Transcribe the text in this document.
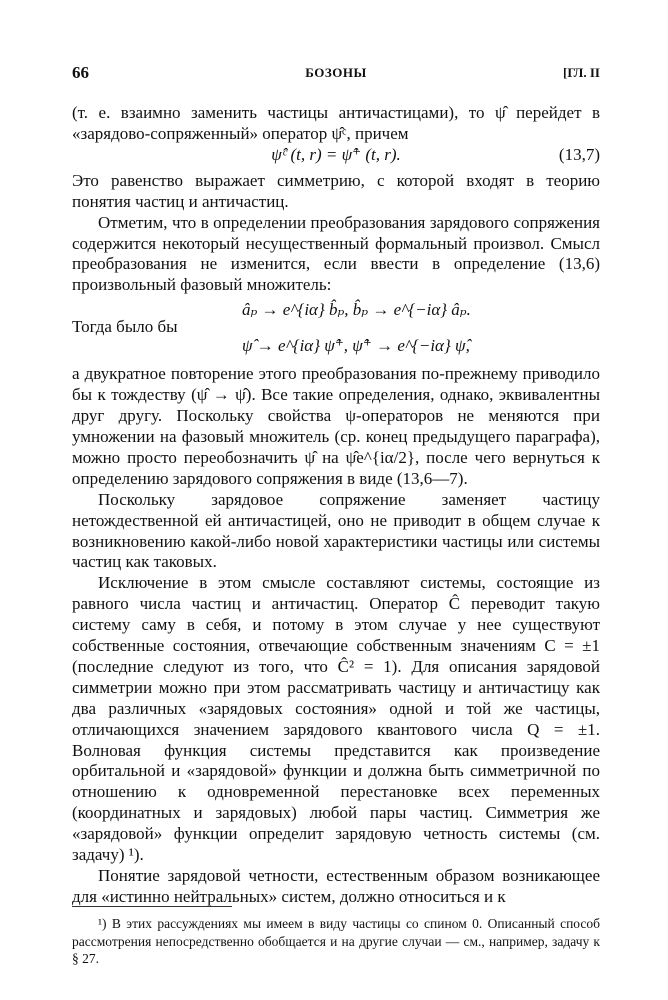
66	БОЗОНЫ	[ГЛ. II

(т. е. взаимно заменить частицы античастицами), то ψ̂ перейдет в «зарядово-сопряженный» оператор ψ̂ᶜ, причем

ψ̂ᶜ (t, r) = ψ̂⁺ (t, r).	(13,7)

Это равенство выражает симметрию, с которой входят в теорию понятия частиц и античастиц.

Отметим, что в определении преобразования зарядового сопряжения содержится некоторый несущественный формальный произвол. Смысл преобразования не изменится, если ввести в определение (13,6) произвольный фазовый множитель:

âₚ → e^{iα} b̂ₚ, b̂ₚ → e^{−iα} âₚ.
Тогда было бы
ψ̂ → e^{iα} ψ̂⁺, ψ̂⁺ → e^{−iα} ψ̂,

а двукратное повторение этого преобразования по-прежнему приводило бы к тождеству (ψ̂ → ψ̂). Все такие определения, однако, эквивалентны друг другу. Поскольку свойства ψ-операторов не меняются при умножении на фазовый множитель (ср. конец предыдущего параграфа), можно просто переобозначить ψ̂ на ψ̂e^{iα/2}, после чего вернуться к определению зарядового сопряжения в виде (13,6—7).

Поскольку зарядовое сопряжение заменяет частицу нетождественной ей античастицей, оно не приводит в общем случае к возникновению какой-либо новой характеристики частицы или системы частиц как таковых.

Исключение в этом смысле составляют системы, состоящие из равного числа частиц и античастиц. Оператор Ĉ переводит такую систему саму в себя, и потому в этом случае у нее существуют собственные состояния, отвечающие собственным значениям C = ±1 (последние следуют из того, что Ĉ² = 1). Для описания зарядовой симметрии можно при этом рассматривать частицу и античастицу как два различных «зарядовых состояния» одной и той же частицы, отличающихся значением зарядового квантового числа Q = ±1. Волновая функция системы представится как произведение орбитальной и «зарядовой» функции и должна быть симметричной по отношению к одновременной перестановке всех переменных (координатных и зарядовых) любой пары частиц. Симметрия же «зарядовой» функции определит зарядовую четность системы (см. задачу) ¹).

Понятие зарядовой четности, естественным образом возникающее для «истинно нейтральных» систем, должно относиться и к

¹) В этих рассуждениях мы имеем в виду частицы со спином 0. Описанный способ рассмотрения непосредственно обобщается и на другие случаи — см., например, задачу к § 27.
